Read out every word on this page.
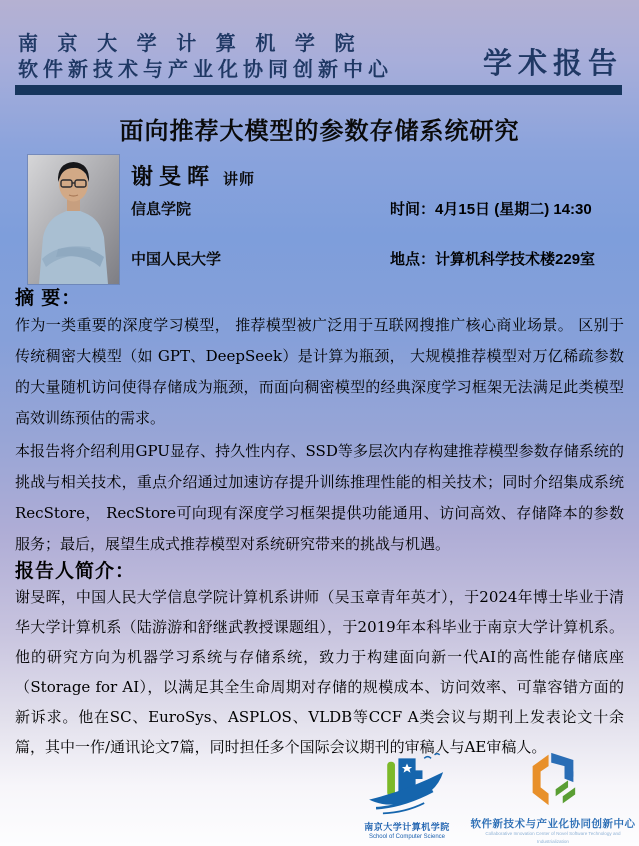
南 京 大 学 计 算 机 学 院
软件新技术与产业化协同创新中心	学术报告
面向推荐大模型的参数存储系统研究
谢旻晖 讲师
信息学院
中国人民大学
时间：4月15日 (星期二) 14:30
地点：计算机科学技术楼229室
摘 要：

作为一类重要的深度学习模型， 推荐模型被广泛用于互联网搜推广核心商业场景。 区别于传统稠密大模型（如 GPT、DeepSeek）是计算为瓶颈， 大规模推荐模型对万亿稀疏参数的大量随机访问使得存储成为瓶颈，而面向稠密模型的经典深度学习框架无法满足此类模型高效训练预估的需求。

本报告将介绍利用GPU显存、持久性内存、SSD等多层次内存构建推荐模型参数存储系统的挑战与相关技术，重点介绍通过加速访存提升训练推理性能的相关技术；同时介绍集成系统RecStore， RecStore可向现有深度学习框架提供功能通用、访问高效、存储降本的参数服务；最后，展望生成式推荐模型对系统研究带来的挑战与机遇。

报告人简介：
谢旻晖，中国人民大学信息学院计算机系讲师（吴玉章青年英才），于2024年博士毕业于清华大学计算机系（陆游游和舒继武教授课题组），于2019年本科毕业于南京大学计算机系。他的研究方向为机器学习系统与存储系统，致力于构建面向新一代AI的高性能存储底座（Storage for AI），以满足其全生命周期对存储的规模成本、访问效率、可靠容错方面的新诉求。他在SC、EuroSys、ASPLOS、VLDB等CCF A类会议与期刊上发表论文十余篇，其中一作/通讯论文7篇，同时担任多个国际会议期刊的审稿人与AE审稿人。
南京大学计算机学院
School of Computer Science
软件新技术与产业化协同创新中心
Collaborative Innovation Center of Novel Software Technology and Industrialization
